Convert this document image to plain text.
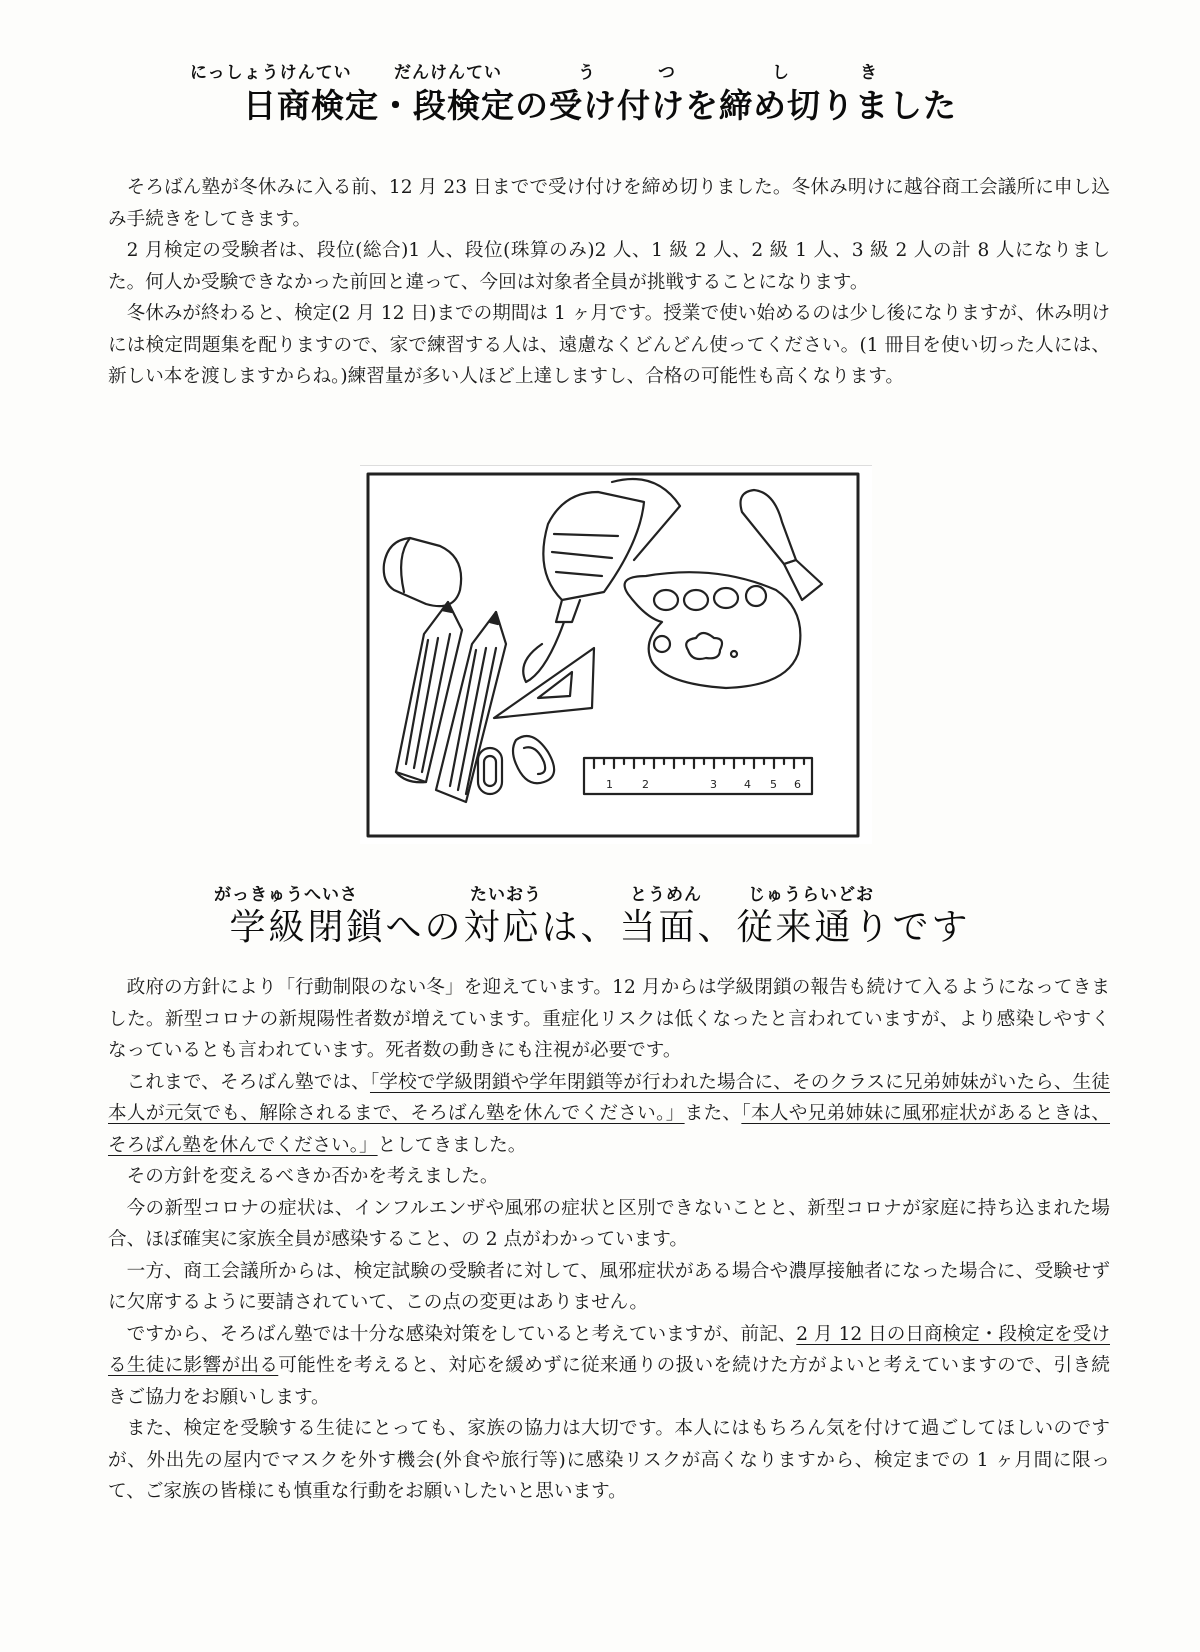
にっしょうけんてい だんけんてい	う	つ	し	き
日商検定・段検定の受け付けを締め切りました

そろばん塾が冬休みに入る前、12 月 23 日までで受け付けを締め切りました。冬休み明けに越谷商工会議所に申し込み手続きをしてきます。

2 月検定の受験者は、段位(総合)1 人、段位(珠算のみ)2 人、1 級 2 人、2 級 1 人、3 級 2 人の計 8 人になりました。何人か受験できなかった前回と違って、今回は対象者全員が挑戦することになります。

冬休みが終わると、検定(2 月 12 日)までの期間は 1 ヶ月です。授業で使い始めるのは少し後になりますが、休み明けには検定問題集を配りますので、家で練習する人は、遠慮なくどんどん使ってください。(1 冊目を使い切った人には、新しい本を渡しますからね。)練習量が多い人ほど上達しますし、合格の可能性も高くなります。

1	2	3 4 5 6
がっきゅうへいさ	たいおう	とうめん	じゅうらいどお
学級閉鎖への対応は、当面、従来通りです

政府の方針により「行動制限のない冬」を迎えています。12 月からは学級閉鎖の報告も続けて入るようになってきました。新型コロナの新規陽性者数が増えています。重症化リスクは低くなったと言われていますが、より感染しやすくなっているとも言われています。死者数の動きにも注視が必要です。

これまで、そろばん塾では、「学校で学級閉鎖や学年閉鎖等が行われた場合に、そのクラスに兄弟姉妹がいたら、生徒本人が元気でも、解除されるまで、そろばん塾を休んでください。」また、「本人や兄弟姉妹に風邪症状があるときは、そろばん塾を休んでください。」としてきました。

その方針を変えるべきか否かを考えました。

今の新型コロナの症状は、インフルエンザや風邪の症状と区別できないことと、新型コロナが家庭に持ち込まれた場合、ほぼ確実に家族全員が感染すること、の 2 点がわかっています。

一方、商工会議所からは、検定試験の受験者に対して、風邪症状がある場合や濃厚接触者になった場合に、受験せずに欠席するように要請されていて、この点の変更はありません。

ですから、そろばん塾では十分な感染対策をしていると考えていますが、前記、2 月 12 日の日商検定・段検定を受ける生徒に影響が出る可能性を考えると、対応を緩めずに従来通りの扱いを続けた方がよいと考えていますので、引き続きご協力をお願いします。

また、検定を受験する生徒にとっても、家族の協力は大切です。本人にはもちろん気を付けて過ごしてほしいのですが、外出先の屋内でマスクを外す機会(外食や旅行等)に感染リスクが高くなりますから、検定までの 1 ヶ月間に限って、ご家族の皆様にも慎重な行動をお願いしたいと思います。
